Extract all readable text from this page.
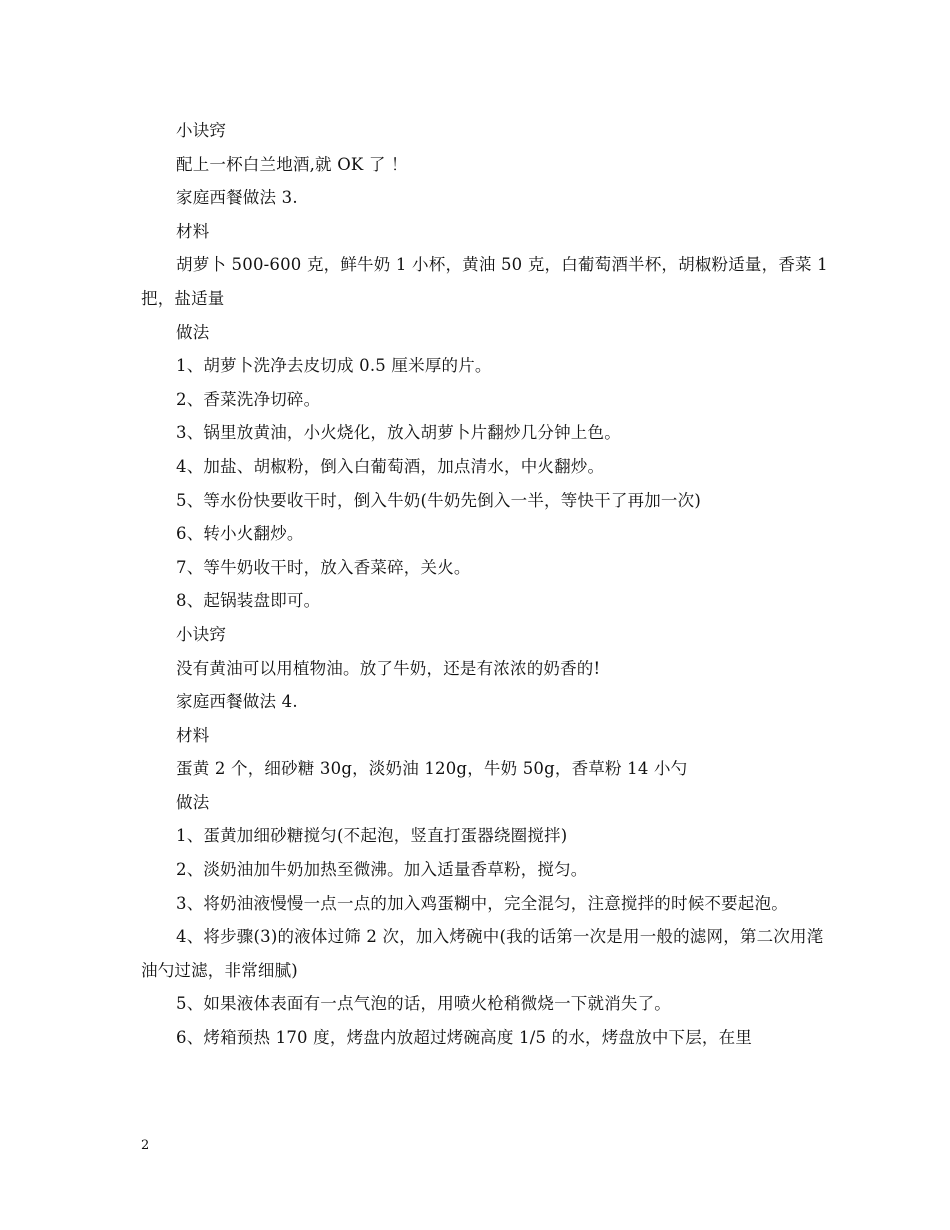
小诀窍

配上一杯白兰地酒,就 OK 了 ！

家庭西餐做法 3.

材料

胡萝卜 500-600 克，鲜牛奶 1 小杯，黄油 50 克，白葡萄酒半杯，胡椒粉适量，香菜 1 把，盐适量

做法

1、胡萝卜洗净去皮切成 0.5 厘米厚的片。

2、香菜洗净切碎。

3、锅里放黄油，小火烧化，放入胡萝卜片翻炒几分钟上色。

4、加盐、胡椒粉，倒入白葡萄酒，加点清水，中火翻炒。

5、等水份快要收干时，倒入牛奶(牛奶先倒入一半，等快干了再加一次)

6、转小火翻炒。

7、等牛奶收干时，放入香菜碎，关火。

8、起锅装盘即可。

小诀窍

没有黄油可以用植物油。放了牛奶，还是有浓浓的奶香的!

家庭西餐做法 4.

材料

蛋黄 2 个，细砂糖 30g，淡奶油 120g，牛奶 50g，香草粉 14 小勺

做法

1、蛋黄加细砂糖搅匀(不起泡，竖直打蛋器绕圈搅拌)

2、淡奶油加牛奶加热至微沸。加入适量香草粉，搅匀。

3、将奶油液慢慢一点一点的加入鸡蛋糊中，完全混匀，注意搅拌的时候不要起泡。

4、将步骤(3)的液体过筛 2 次，加入烤碗中(我的话第一次是用一般的滤网，第二次用滗油勺过滤，非常细腻)

5、如果液体表面有一点气泡的话，用喷火枪稍微烧一下就消失了。

6、烤箱预热 170 度，烤盘内放超过烤碗高度 1/5 的水，烤盘放中下层，在里

2
